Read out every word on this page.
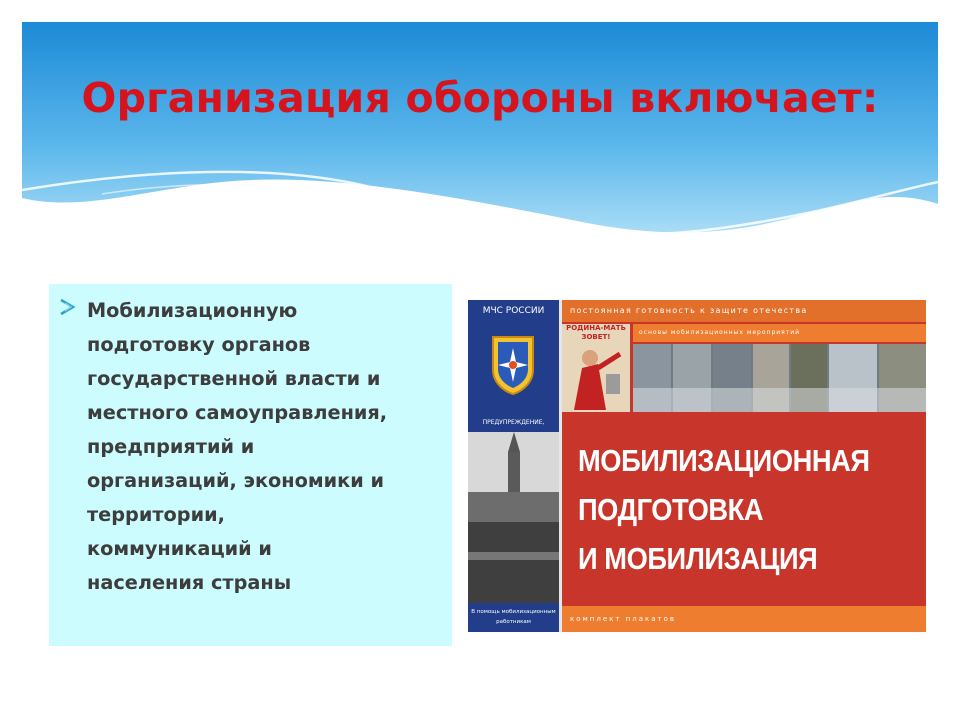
Организация обороны включает:
Мобилизационную
подготовку органов
государственной власти и
местного самоуправления,
предприятий и
организаций, экономики и
территории,
коммуникаций и
населения страны
МЧС РОССИИ
ПРЕДУПРЕЖДЕНИЕ,
В помощь мобилизационным работникам
постоянная готовность к защите отечества
РОДИНА-МАТЬ ЗОВЕТ!
основы мобилизационных мероприятий
МОБИЛИЗАЦИОННАЯ
ПОДГОТОВКА
И МОБИЛИЗАЦИЯ
комплект плакатов
